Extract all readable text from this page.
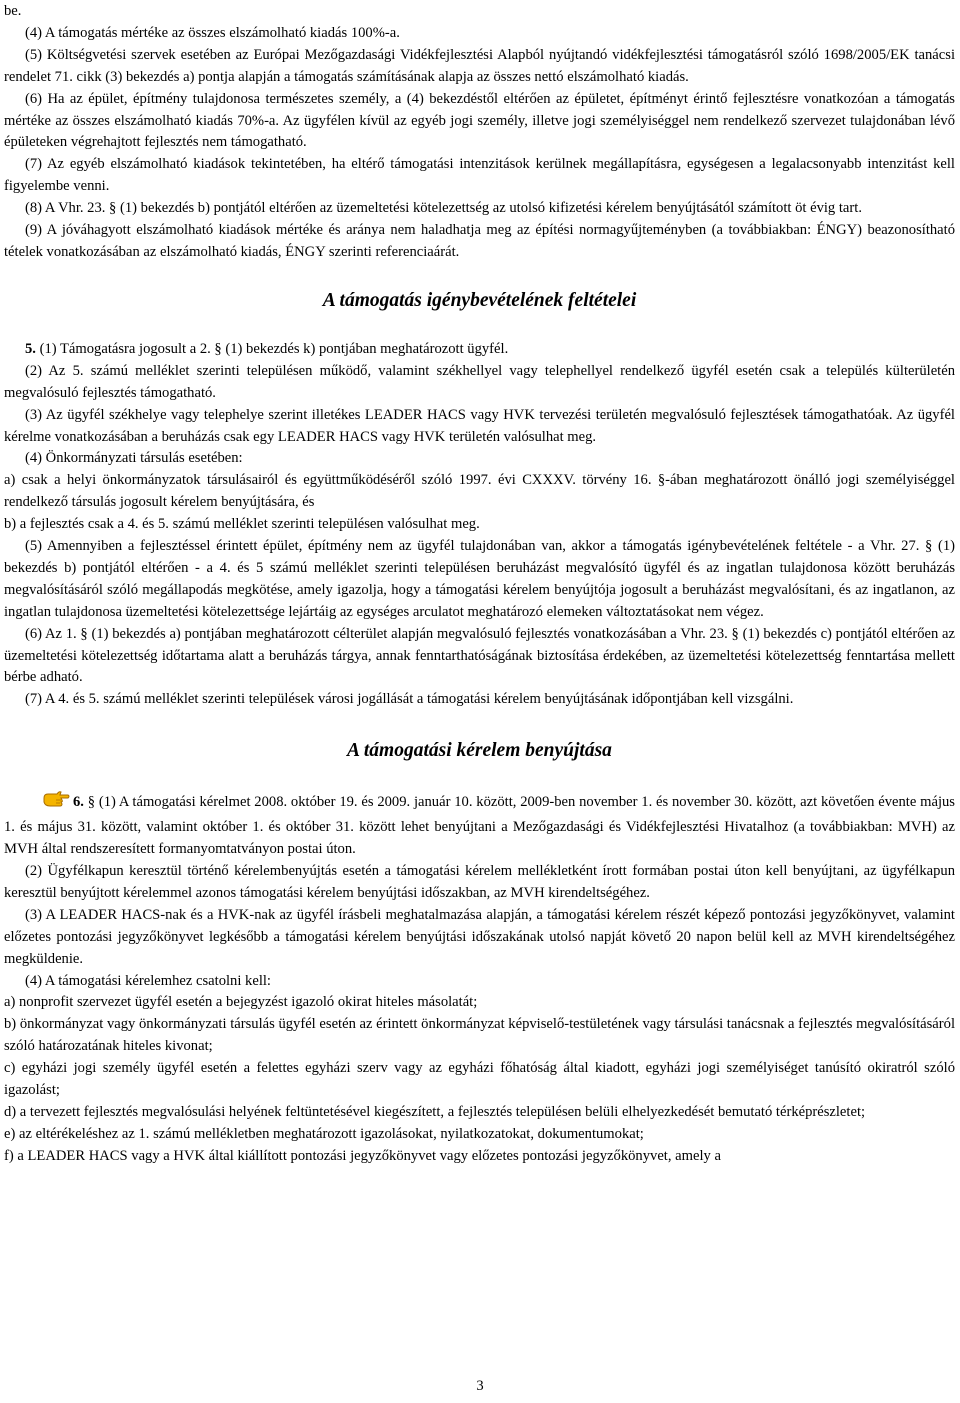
be.

(4) A támogatás mértéke az összes elszámolható kiadás 100%-a.

(5) Költségvetési szervek esetében az Európai Mezőgazdasági Vidékfejlesztési Alapból nyújtandó vidékfejlesztési támogatásról szóló 1698/2005/EK tanácsi rendelet 71. cikk (3) bekezdés a) pontja alapján a támogatás számításának alapja az összes nettó elszámolható kiadás.

(6) Ha az épület, építmény tulajdonosa természetes személy, a (4) bekezdéstől eltérően az épületet, építményt érintő fejlesztésre vonatkozóan a támogatás mértéke az összes elszámolható kiadás 70%-a. Az ügyfélen kívül az egyéb jogi személy, illetve jogi személyiséggel nem rendelkező szervezet tulajdonában lévő épületeken végrehajtott fejlesztés nem támogatható.

(7) Az egyéb elszámolható kiadások tekintetében, ha eltérő támogatási intenzitások kerülnek megállapításra, egységesen a legalacsonyabb intenzitást kell figyelembe venni.

(8) A Vhr. 23. § (1) bekezdés b) pontjától eltérően az üzemeltetési kötelezettség az utolsó kifizetési kérelem benyújtásától számított öt évig tart.

(9) A jóváhagyott elszámolható kiadások mértéke és aránya nem haladhatja meg az építési normagyűjteményben (a továbbiakban: ÉNGY) beazonosítható tételek vonatkozásában az elszámolható kiadás, ÉNGY szerinti referenciaárát.

A támogatás igénybevételének feltételei

5. (1) Támogatásra jogosult a 2. § (1) bekezdés k) pontjában meghatározott ügyfél.

(2) Az 5. számú melléklet szerinti településen működő, valamint székhellyel vagy telephellyel rendelkező ügyfél esetén csak a település külterületén megvalósuló fejlesztés támogatható.

(3) Az ügyfél székhelye vagy telephelye szerint illetékes LEADER HACS vagy HVK tervezési területén megvalósuló fejlesztések támogathatóak. Az ügyfél kérelme vonatkozásában a beruházás csak egy LEADER HACS vagy HVK területén valósulhat meg.

(4) Önkormányzati társulás esetében:

a) csak a helyi önkormányzatok társulásairól és együttműködéséről szóló 1997. évi CXXXV. törvény 16. §-ában meghatározott önálló jogi személyiséggel rendelkező társulás jogosult kérelem benyújtására, és

b) a fejlesztés csak a 4. és 5. számú melléklet szerinti településen valósulhat meg.

(5) Amennyiben a fejlesztéssel érintett épület, építmény nem az ügyfél tulajdonában van, akkor a támogatás igénybevételének feltétele - a Vhr. 27. § (1) bekezdés b) pontjától eltérően - a 4. és 5 számú melléklet szerinti településen beruházást megvalósító ügyfél és az ingatlan tulajdonosa között beruházás megvalósításáról szóló megállapodás megkötése, amely igazolja, hogy a támogatási kérelem benyújtója jogosult a beruházást megvalósítani, és az ingatlanon, az ingatlan tulajdonosa üzemeltetési kötelezettsége lejártáig az egységes arculatot meghatározó elemeken változtatásokat nem végez.

(6) Az 1. § (1) bekezdés a) pontjában meghatározott célterület alapján megvalósuló fejlesztés vonatkozásában a Vhr. 23. § (1) bekezdés c) pontjától eltérően az üzemeltetési kötelezettség időtartama alatt a beruházás tárgya, annak fenntarthatóságának biztosítása érdekében, az üzemeltetési kötelezettség fenntartása mellett bérbe adható.

(7) A 4. és 5. számú melléklet szerinti települések városi jogállását a támogatási kérelem benyújtásának időpontjában kell vizsgálni.

A támogatási kérelem benyújtása

6. § (1) A támogatási kérelmet 2008. október 19. és 2009. január 10. között, 2009-ben november 1. és november 30. között, azt követően évente május 1. és május 31. között, valamint október 1. és október 31. között lehet benyújtani a Mezőgazdasági és Vidékfejlesztési Hivatalhoz (a továbbiakban: MVH) az MVH által rendszeresített formanyomtatványon postai úton.

(2) Ügyfélkapun keresztül történő kérelembenyújtás esetén a támogatási kérelem mellékletként írott formában postai úton kell benyújtani, az ügyfélkapun keresztül benyújtott kérelemmel azonos támogatási kérelem benyújtási időszakban, az MVH kirendeltségéhez.

(3) A LEADER HACS-nak és a HVK-nak az ügyfél írásbeli meghatalmazása alapján, a támogatási kérelem részét képező pontozási jegyzőkönyvet, valamint előzetes pontozási jegyzőkönyvet legkésőbb a támogatási kérelem benyújtási időszakának utolsó napját követő 20 napon belül kell az MVH kirendeltségéhez megküldenie.

(4) A támogatási kérelemhez csatolni kell:

a) nonprofit szervezet ügyfél esetén a bejegyzést igazoló okirat hiteles másolatát;

b) önkormányzat vagy önkormányzati társulás ügyfél esetén az érintett önkormányzat képviselő-testületének vagy társulási tanácsnak a fejlesztés megvalósításáról szóló határozatának hiteles kivonat;

c) egyházi jogi személy ügyfél esetén a felettes egyházi szerv vagy az egyházi főhatóság által kiadott, egyházi jogi személyiséget tanúsító okiratról szóló igazolást;

d) a tervezett fejlesztés megvalósulási helyének feltüntetésével kiegészített, a fejlesztés településen belüli elhelyezkedését bemutató térképrészletet;

e) az eltérékeléshez az 1. számú mellékletben meghatározott igazolásokat, nyilatkozatokat, dokumentumokat;

f) a LEADER HACS vagy a HVK által kiállított pontozási jegyzőkönyvet vagy előzetes pontozási jegyzőkönyvet, amely a

3
